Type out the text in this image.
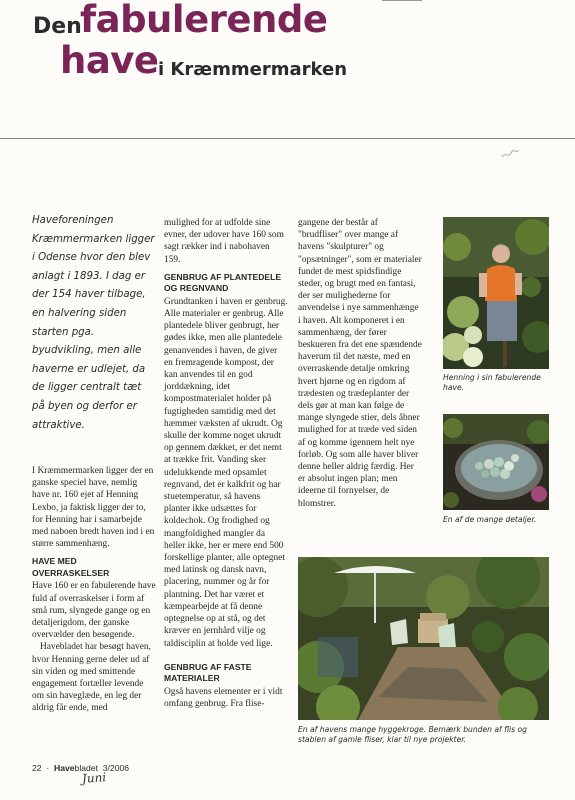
Den
fabulerende
have i Kræmmermarken
Haveforeningen Kræmmermarken ligger i Odense hvor den blev anlagt i 1893. I dag er der 154 haver tilbage, en halvering siden starten pga. byudvikling, men alle haverne er udlejet, da de ligger centralt tæt på byen og derfor er attraktive.

I Kræmmermarken ligger der en ganske speciel have, nemlig have nr. 160 ejet af Henning Lexbo, ja faktisk ligger der to, for Henning har i samarbejde med naboen bredt haven ind i en større sammenhæng.

HAVE MED OVERRASKELSER

Have 160 er en fabulerende have fuld af overraskelser i form af små rum, slyngede gange og en detaljerigdom, der ganske overvælder den besøgende.

Havebladet har besøgt haven, hvor Henning gerne deler ud af sin viden og med smittende engagement fortæller levende om sin haveglæde, en leg der aldrig får ende, med

mulighed for at udfolde sine evner, der udover have 160 som sagt rækker ind i nabohaven 159.

GENBRUG AF PLANTEDELE OG REGNVAND

Grundtanken i haven er genbrug. Alle materialer er genbrug. Alle plantedele bliver genbrugt, her gødes ikke, men alle plantedele genanvendes i haven, de giver en fremragende kompost, der kan anvendes til en god jorddækning, idet kompostmaterialet holder på fugtigheden samtidig med det hæmmer væksten af ukrudt. Og skulle der komme noget ukrudt op gennem dækket, er det nemt at trække frit. Vanding sker udelukkende med opsamlet regnvand, det er kalkfrit og har stuetemperatur, så havens planter ikke udsættes for koldechok. Og frodighed og mangfoldighed mangler da heller ikke, her er mere end 500 forskellige planter, alle optegnet med latinsk og dansk navn, placering, nummer og år for plantning. Det har været et kæmpearbejde at få denne optegnelse op at stå, og det kræver en jernhård vilje og taldisciplin at holde ved lige.

GENBRUG AF FASTE MATERIALER

Også havens elementer er i vidt omfang genbrug. Fra flise-

gangene der består af "brudfliser" over mange af havens "skulpturer" og "opsætninger", som er materialer fundet de mest spidsfindige steder, og brugt med en fantasi, der ser mulighederne for anvendelse i nye sammenhænge i haven. Alt komponeret i en sammenhæng, der fører beskueren fra det ene spændende haverum til det næste, med en overraskende detalje omkring hvert hjørne og en rigdom af trædesten og trædeplanter der dels gør at man kan følge de mange slyngede stier, dels åbner mulighed for at træde ved siden af og komme igennem helt nye forløb. Og som alle haver bliver denne heller aldrig færdig. Her er absolut ingen plan; men ideerne til fornyelser, de blomstrer.

Henning i sin fabulerende have.
En af de mange detaljer.
En af havens mange hyggekroge. Bemærk bunden af flis og stablen af gamle fliser, klar til nye projekter.
22 · Havebladet 3/2006
Juni
